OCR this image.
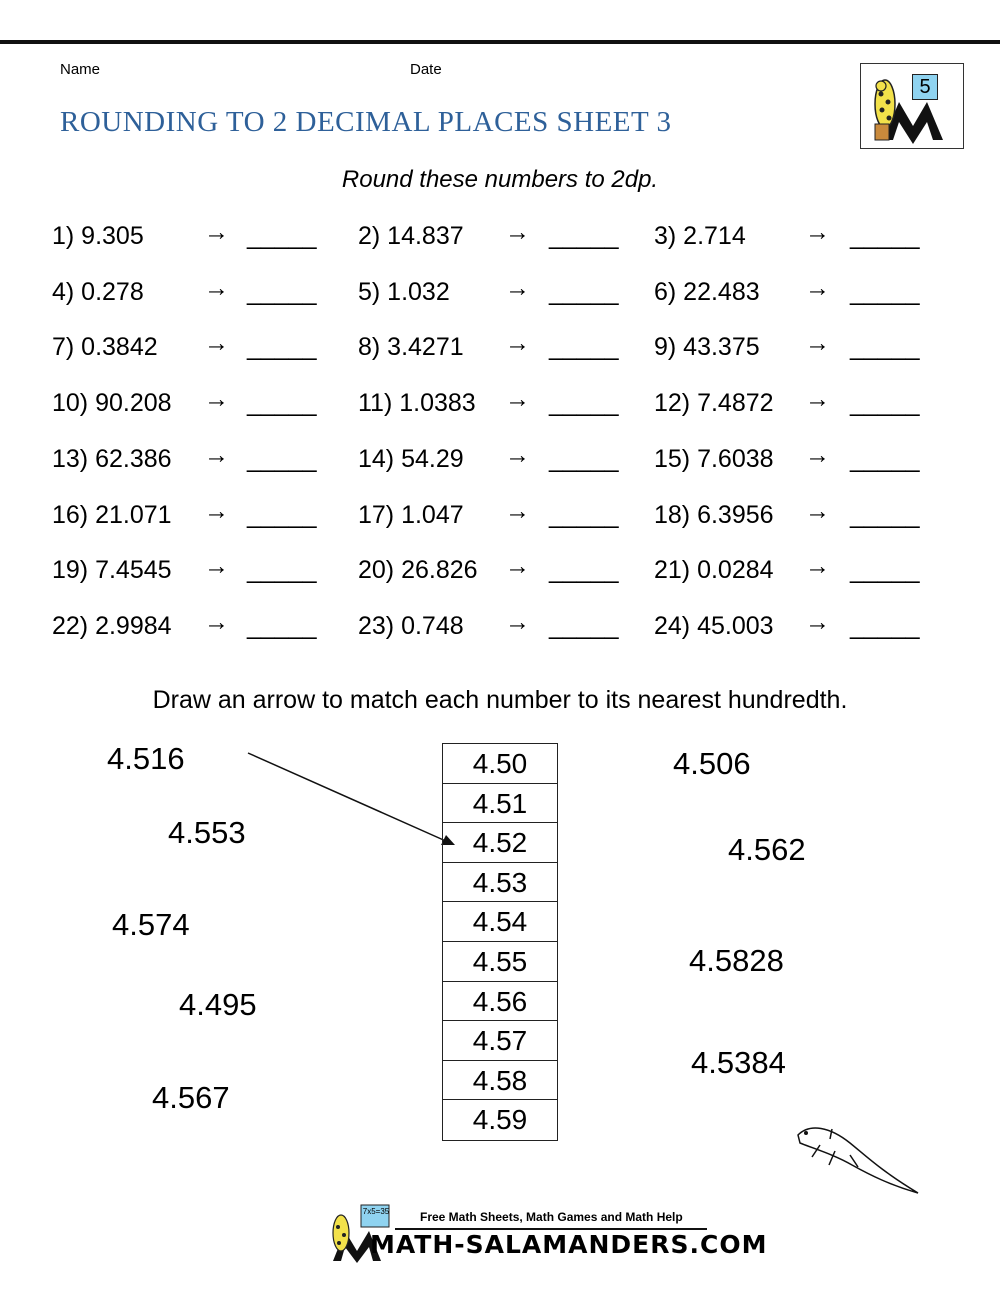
Name	Date
5
ROUNDING TO 2 DECIMAL PLACES SHEET 3
Round these numbers to 2dp.
1) 9.305 → _____ 2) 14.837 → _____ 3) 2.714 → _____
4) 0.278 → _____ 5) 1.032 → _____ 6) 22.483 → _____
7) 0.3842 → _____ 8) 3.4271 → _____ 9) 43.375 → _____
10) 90.208 → _____ 11) 1.0383 → _____ 12) 7.4872 → _____
13) 62.386 → _____ 14) 54.29 → _____ 15) 7.6038 → _____
16) 21.071 → _____ 17) 1.047 → _____ 18) 6.3956 → _____
19) 7.4545 → _____ 20) 26.826 → _____ 21) 0.0284 → _____
22) 2.9984 → _____ 23) 0.748 → _____ 24) 45.003 → _____
Draw an arrow to match each number to its nearest hundredth.
4.516
4.553
4.574
4.495
4.567
4.50
4.51
4.52
4.53
4.54
4.55
4.56
4.57
4.58
4.59
4.506
4.562
4.5828
4.5384
7x5=35	Free Math Sheets, Math Games and Math Help
MATH-SALAMANDERS.COM
